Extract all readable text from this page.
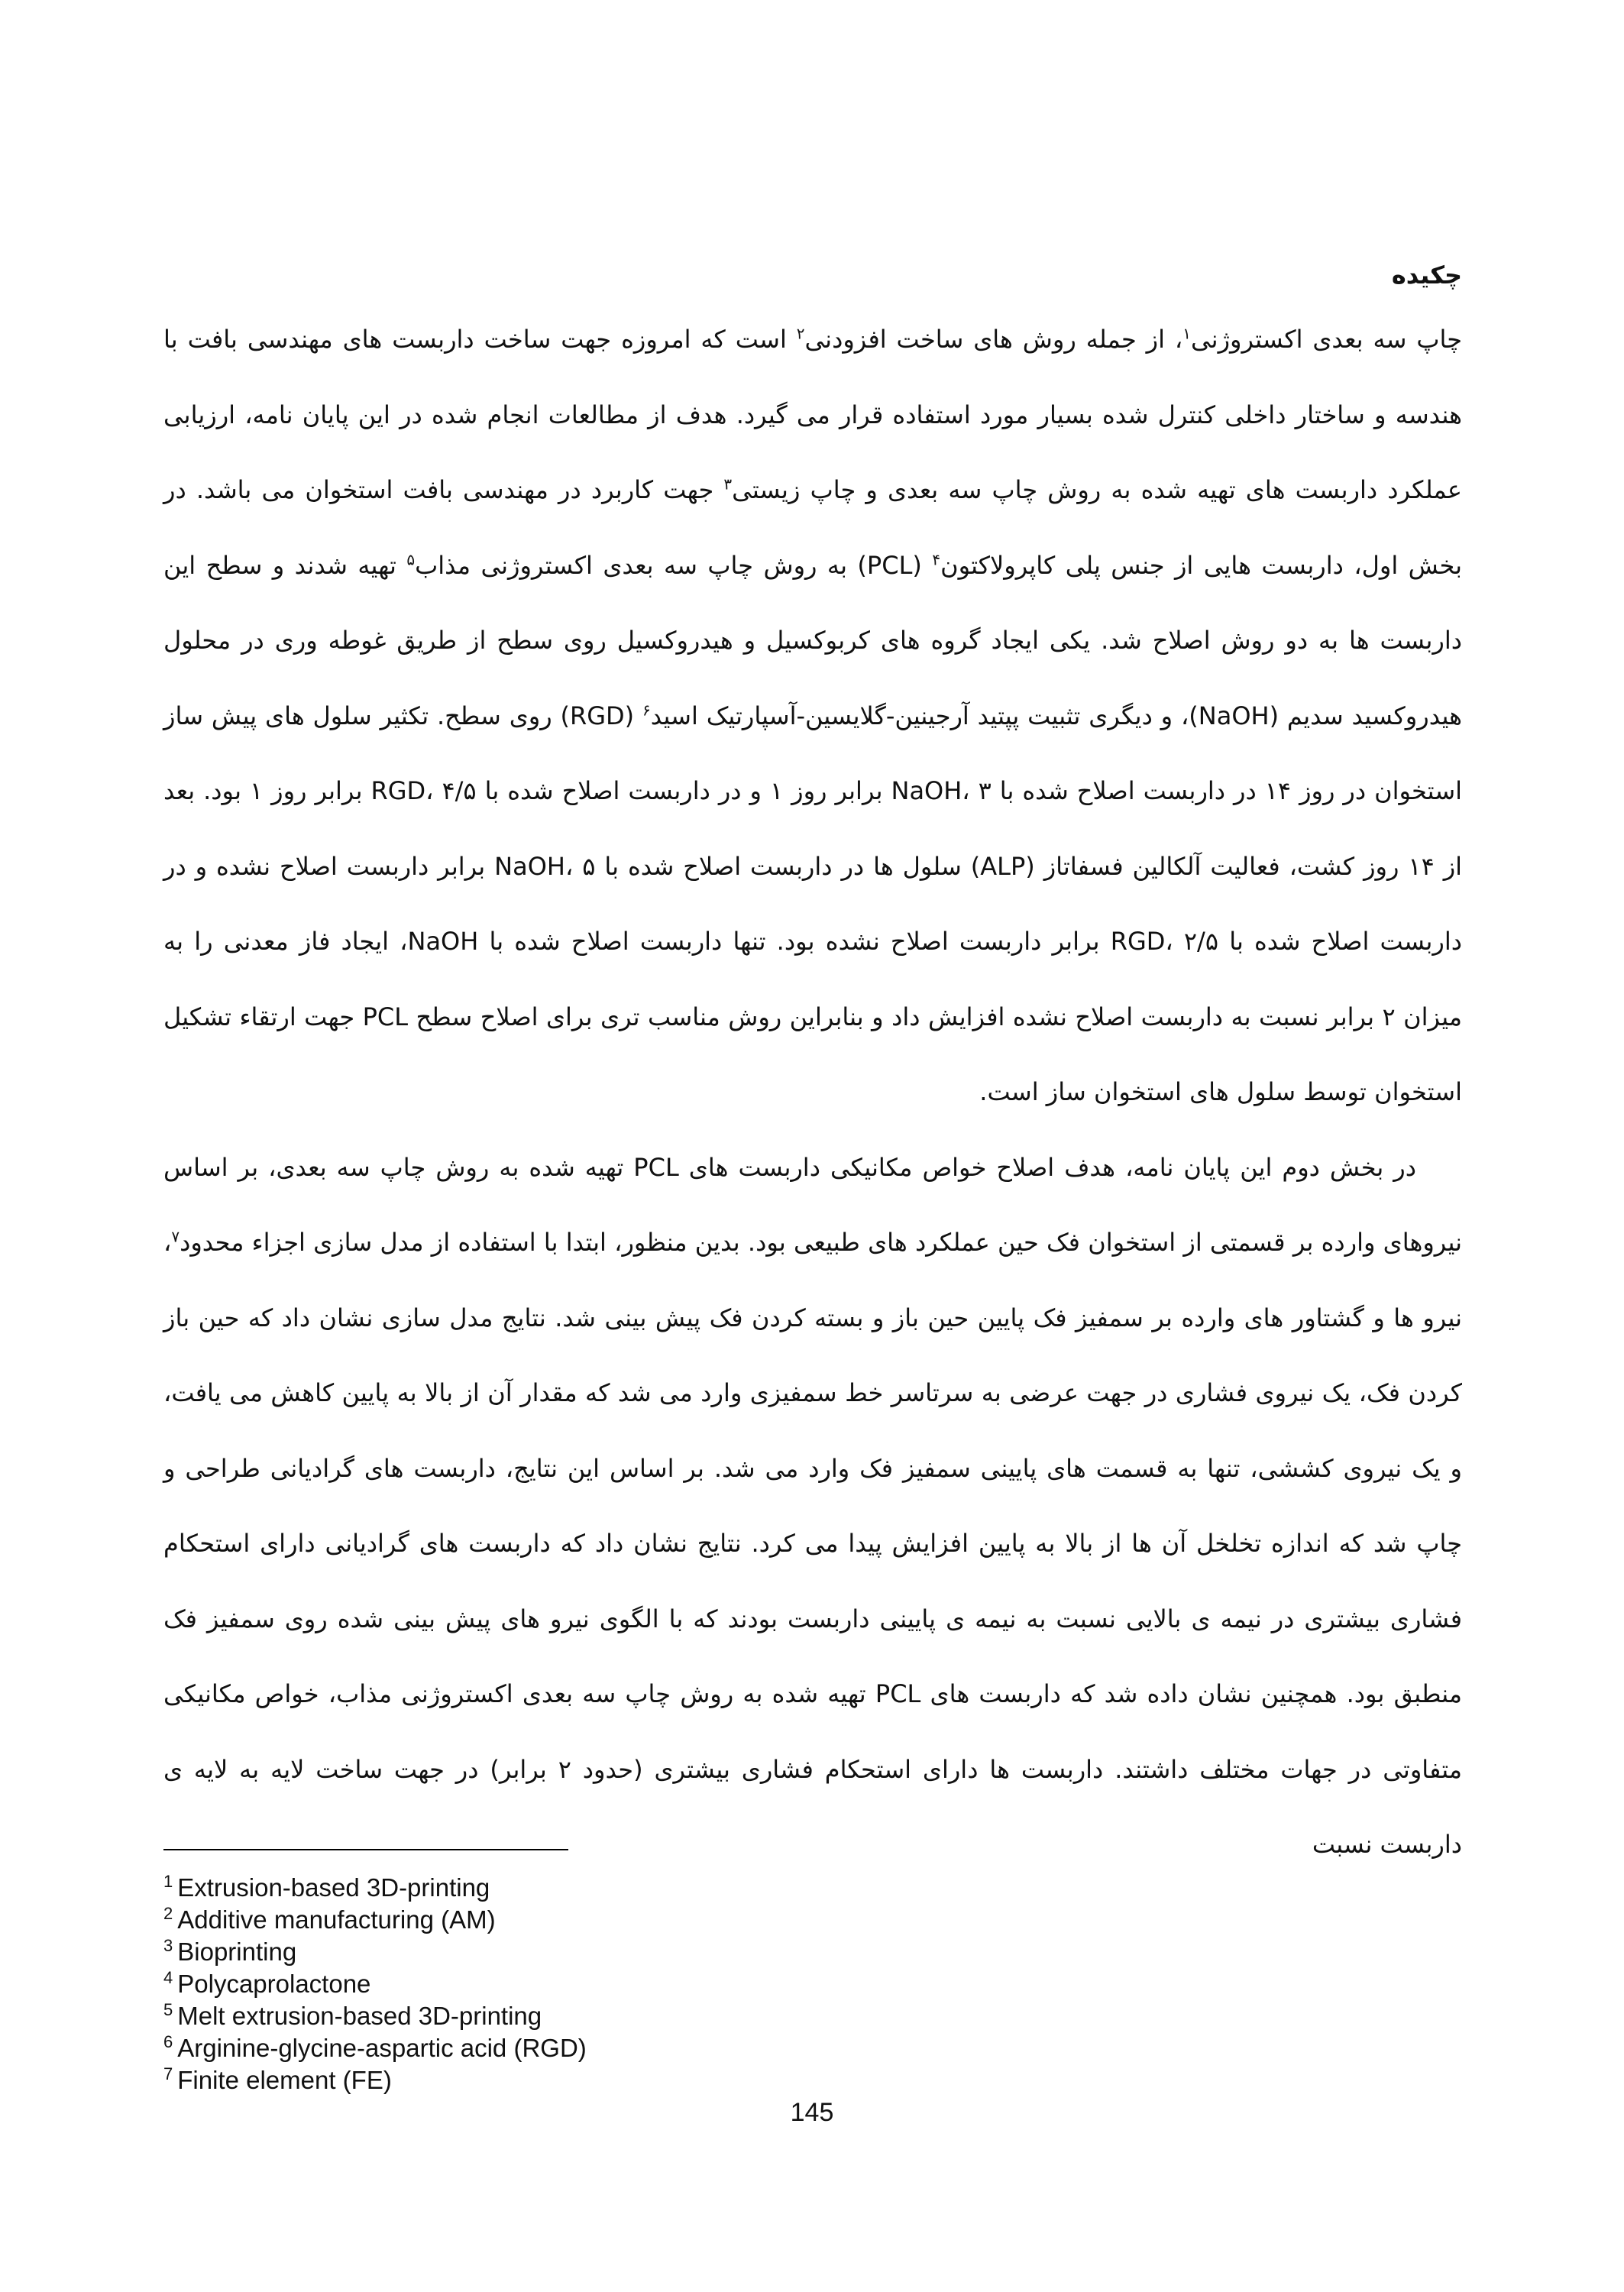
چکیده

چاپ سه بعدی اکستروژنی$^۱$، از جمله روش های ساخت افزودنی$^۲$ است که امروزه جهت ساخت داربست های مهندسی بافت با هندسه و ساختار داخلی کنترل شده بسیار مورد استفاده قرار می گیرد. هدف از مطالعات انجام شده در این پایان نامه، ارزیابی عملکرد داربست های تهیه شده به روش چاپ سه بعدی و چاپ زیستی$^۳$ جهت کاربرد در مهندسی بافت استخوان می باشد. در بخش اول، داربست هایی از جنس پلی کاپرولاکتون$^۴$ (PCL) به روش چاپ سه بعدی اکستروژنی مذاب$^۵$ تهیه شدند و سطح این داربست ها به دو روش اصلاح شد. یکی ایجاد گروه های کربوکسیل و هیدروکسیل روی سطح از طریق غوطه وری در محلول هیدروکسید سدیم (NaOH)، و دیگری تثبیت پپتید آرجینین-گلایسین-آسپارتیک اسید$^۶$ (RGD) روی سطح. تکثیر سلول های پیش ساز استخوان در روز ۱۴ در داربست اصلاح شده با NaOH، ۳ برابر روز ۱ و در داربست اصلاح شده با RGD، ۴/۵ برابر روز ۱ بود. بعد از ۱۴ روز کشت، فعالیت آلکالین فسفاتاز (ALP) سلول ها در داربست اصلاح شده با NaOH، ۵ برابر داربست اصلاح نشده و در داربست اصلاح شده با RGD، ۲/۵ برابر داربست اصلاح نشده بود. تنها داربست اصلاح شده با NaOH، ایجاد فاز معدنی را به میزان ۲ برابر نسبت به داربست اصلاح نشده افزایش داد و بنابراین روش مناسب تری برای اصلاح سطح PCL جهت ارتقاء تشکیل استخوان توسط سلول های استخوان ساز است.

در بخش دوم این پایان نامه، هدف اصلاح خواص مکانیکی داربست های PCL تهیه شده به روش چاپ سه بعدی، بر اساس نیروهای وارده بر قسمتی از استخوان فک حین عملکرد های طبیعی بود. بدین منظور، ابتدا با استفاده از مدل سازی اجزاء محدود$^۷$، نیرو ها و گشتاور های وارده بر سمفیز فک پایین حین باز و بسته کردن فک پیش بینی شد. نتایج مدل سازی نشان داد که حین باز کردن فک، یک نیروی فشاری در جهت عرضی به سرتاسر خط سمفیزی وارد می شد که مقدار آن از بالا به پایین کاهش می یافت، و یک نیروی کششی، تنها به قسمت های پایینی سمفیز فک وارد می شد. بر اساس این نتایج، داربست های گرادیانی طراحی و چاپ شد که اندازه تخلخل آن ها از بالا به پایین افزایش پیدا می کرد. نتایج نشان داد که داربست های گرادیانی دارای استحکام فشاری بیشتری در نیمه ی بالایی نسبت به نیمه ی پایینی داربست بودند که با الگوی نیرو های پیش بینی شده روی سمفیز فک منطبق بود. همچنین نشان داده شد که داربست های PCL تهیه شده به روش چاپ سه بعدی اکستروژنی مذاب، خواص مکانیکی متفاوتی در جهات مختلف داشتند. داربست ها دارای استحکام فشاری بیشتری (حدود ۲ برابر) در جهت ساخت لایه به لایه ی داربست نسبت

$^1$ Extrusion-based 3D-printing
$^2$ Additive manufacturing (AM)
$^3$ Bioprinting
$^4$ Polycaprolactone
$^5$ Melt extrusion-based 3D-printing
$^6$ Arginine-glycine-aspartic acid (RGD)
$^7$ Finite element (FE)
145
